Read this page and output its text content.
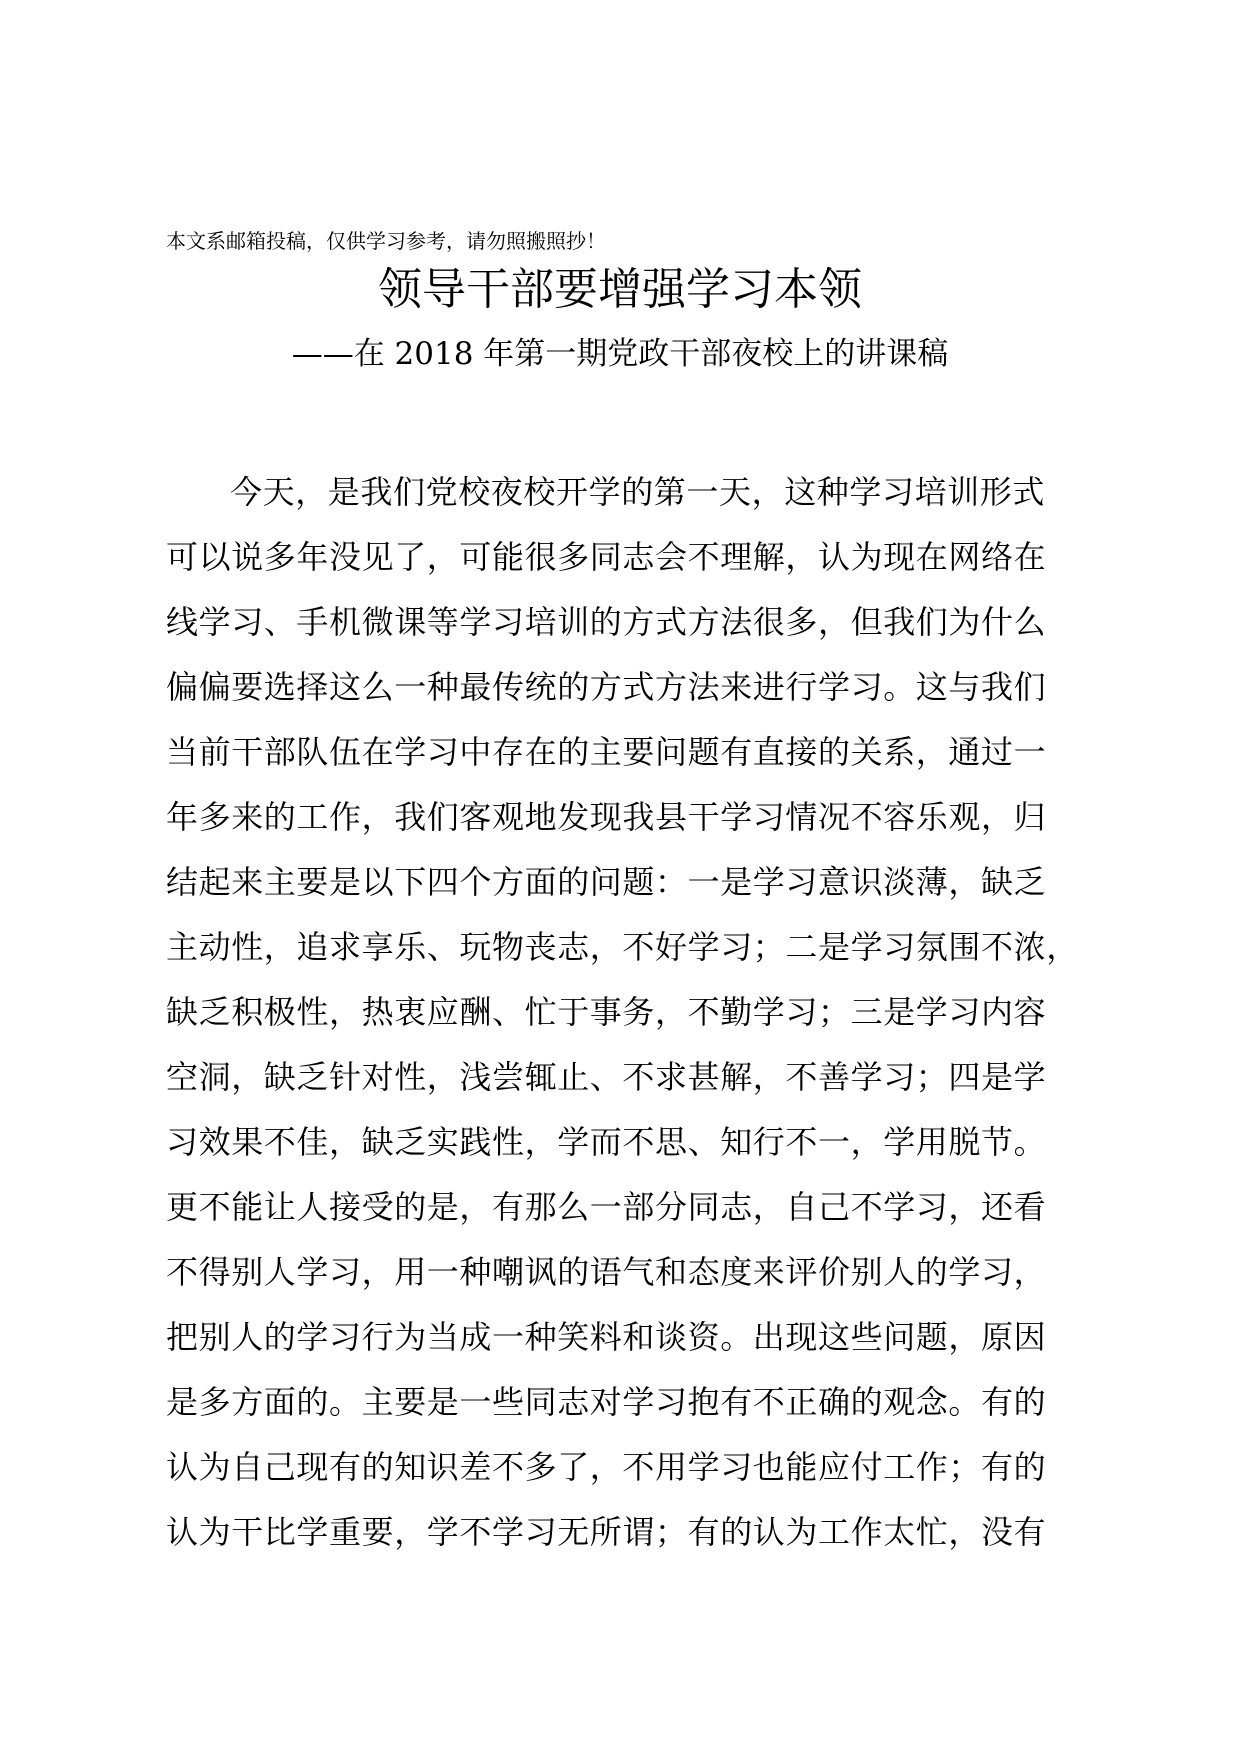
本文系邮箱投稿，仅供学习参考，请勿照搬照抄！
领导干部要增强学习本领
——在 2018 年第一期党政干部夜校上的讲课稿
今天，是我们党校夜校开学的第一天，这种学习培训形式
可以说多年没见了，可能很多同志会不理解，认为现在网络在
线学习、手机微课等学习培训的方式方法很多，但我们为什么
偏偏要选择这么一种最传统的方式方法来进行学习。这与我们
当前干部队伍在学习中存在的主要问题有直接的关系，通过一
年多来的工作，我们客观地发现我县干学习情况不容乐观，归
结起来主要是以下四个方面的问题：一是学习意识淡薄，缺乏
主动性，追求享乐、玩物丧志，不好学习；二是学习氛围不浓，
缺乏积极性，热衷应酬、忙于事务，不勤学习；三是学习内容
空洞，缺乏针对性，浅尝辄止、不求甚解，不善学习；四是学
习效果不佳，缺乏实践性，学而不思、知行不一，学用脱节。
更不能让人接受的是，有那么一部分同志，自己不学习，还看
不得别人学习，用一种嘲讽的语气和态度来评价别人的学习，
把别人的学习行为当成一种笑料和谈资。出现这些问题，原因
是多方面的。主要是一些同志对学习抱有不正确的观念。有的
认为自己现有的知识差不多了，不用学习也能应付工作；有的
认为干比学重要，学不学习无所谓；有的认为工作太忙，没有
